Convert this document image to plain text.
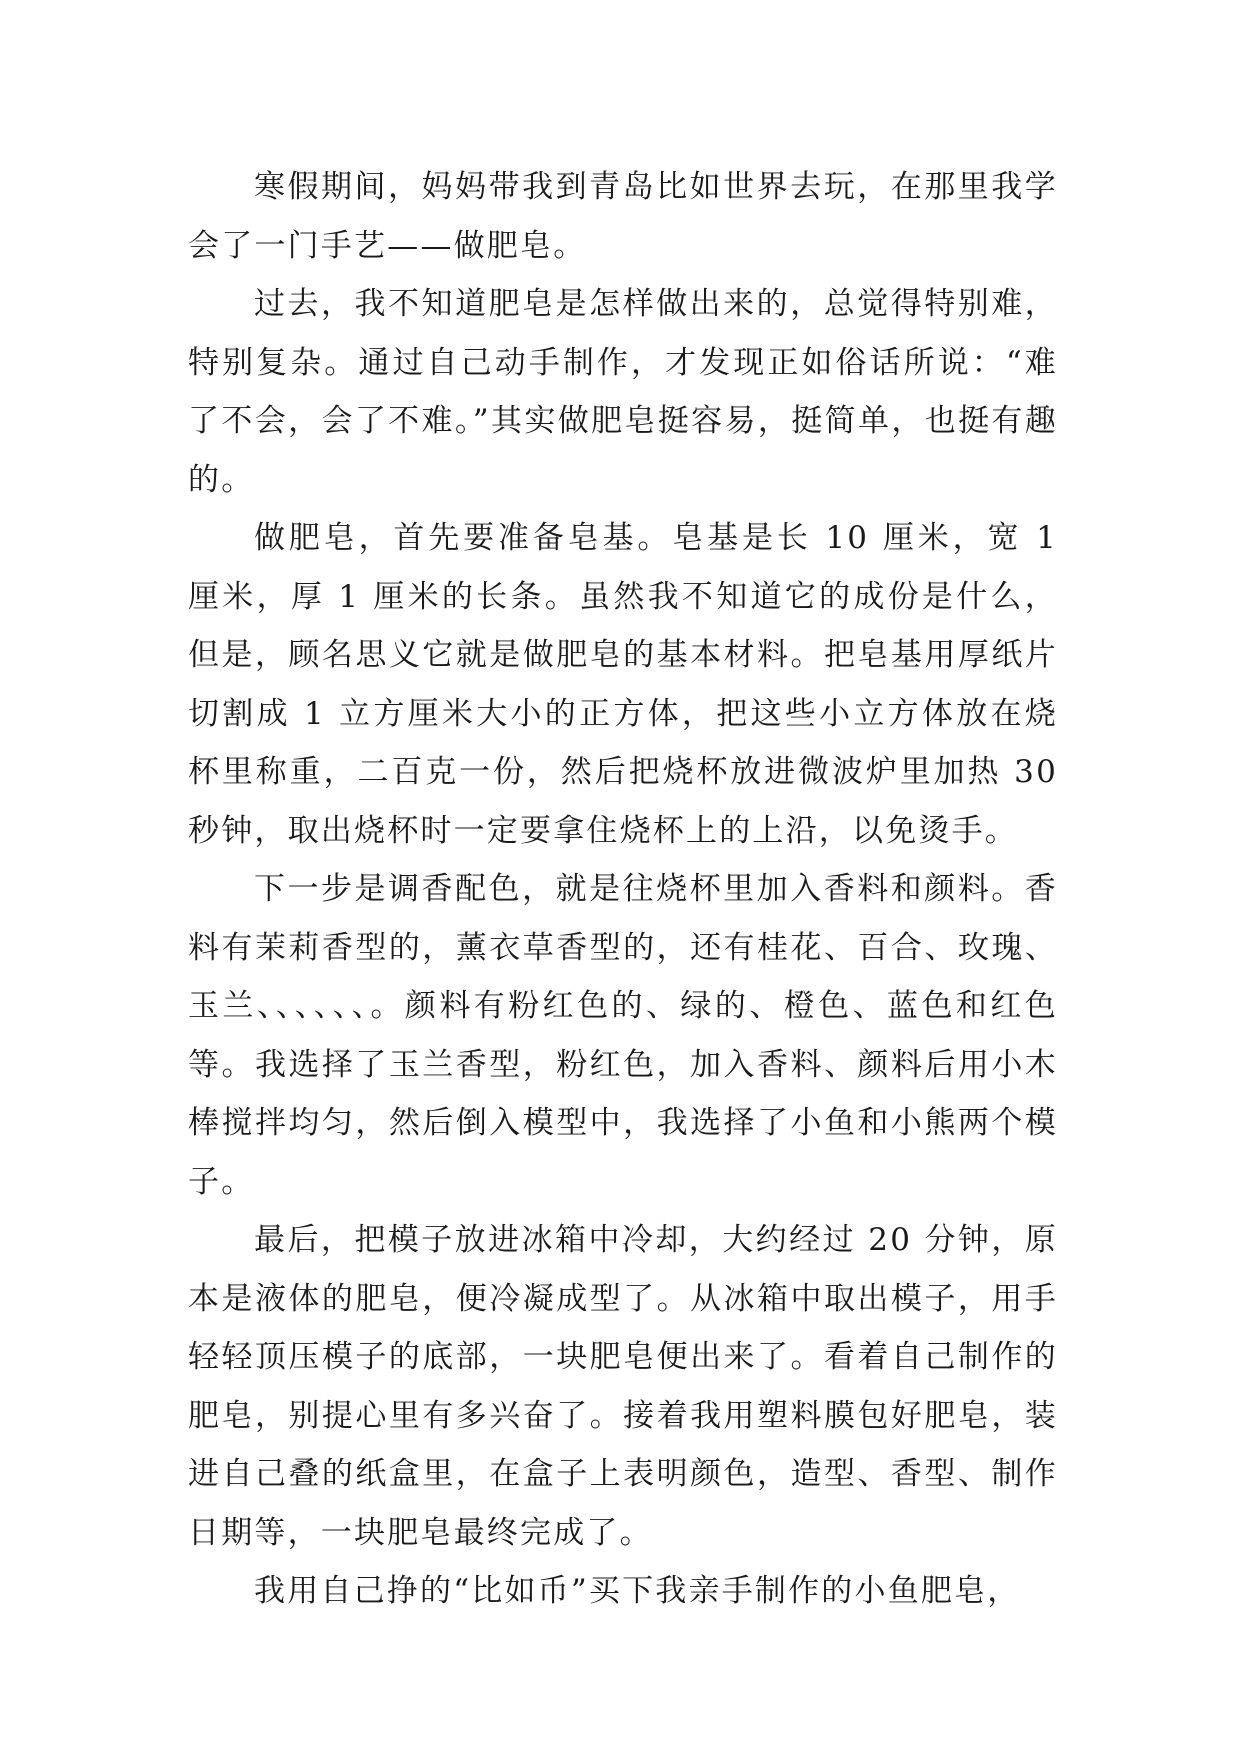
寒假期间，妈妈带我到青岛比如世界去玩，在那里我学会了一门手艺——做肥皂。

过去，我不知道肥皂是怎样做出来的，总觉得特别难，特别复杂。通过自己动手制作，才发现正如俗话所说：“难了不会，会了不难。”其实做肥皂挺容易，挺简单，也挺有趣的。

做肥皂，首先要准备皂基。皂基是长 10 厘米，宽 1 厘米，厚 1 厘米的长条。虽然我不知道它的成份是什么，但是，顾名思义它就是做肥皂的基本材料。把皂基用厚纸片切割成 1 立方厘米大小的正方体，把这些小立方体放在烧杯里称重，二百克一份，然后把烧杯放进微波炉里加热 30 秒钟，取出烧杯时一定要拿住烧杯上的上沿，以免烫手。

下一步是调香配色，就是往烧杯里加入香料和颜料。香料有茉莉香型的，薰衣草香型的，还有桂花、百合、玫瑰、玉兰、、、、、、。颜料有粉红色的、绿的、橙色、蓝色和红色等。我选择了玉兰香型，粉红色，加入香料、颜料后用小木棒搅拌均匀，然后倒入模型中，我选择了小鱼和小熊两个模子。

最后，把模子放进冰箱中冷却，大约经过 20 分钟，原本是液体的肥皂，便冷凝成型了。从冰箱中取出模子，用手轻轻顶压模子的底部，一块肥皂便出来了。看着自己制作的肥皂，别提心里有多兴奋了。接着我用塑料膜包好肥皂，装进自己叠的纸盒里，在盒子上表明颜色，造型、香型、制作日期等，一块肥皂最终完成了。

我用自己挣的“比如币”买下我亲手制作的小鱼肥皂，
